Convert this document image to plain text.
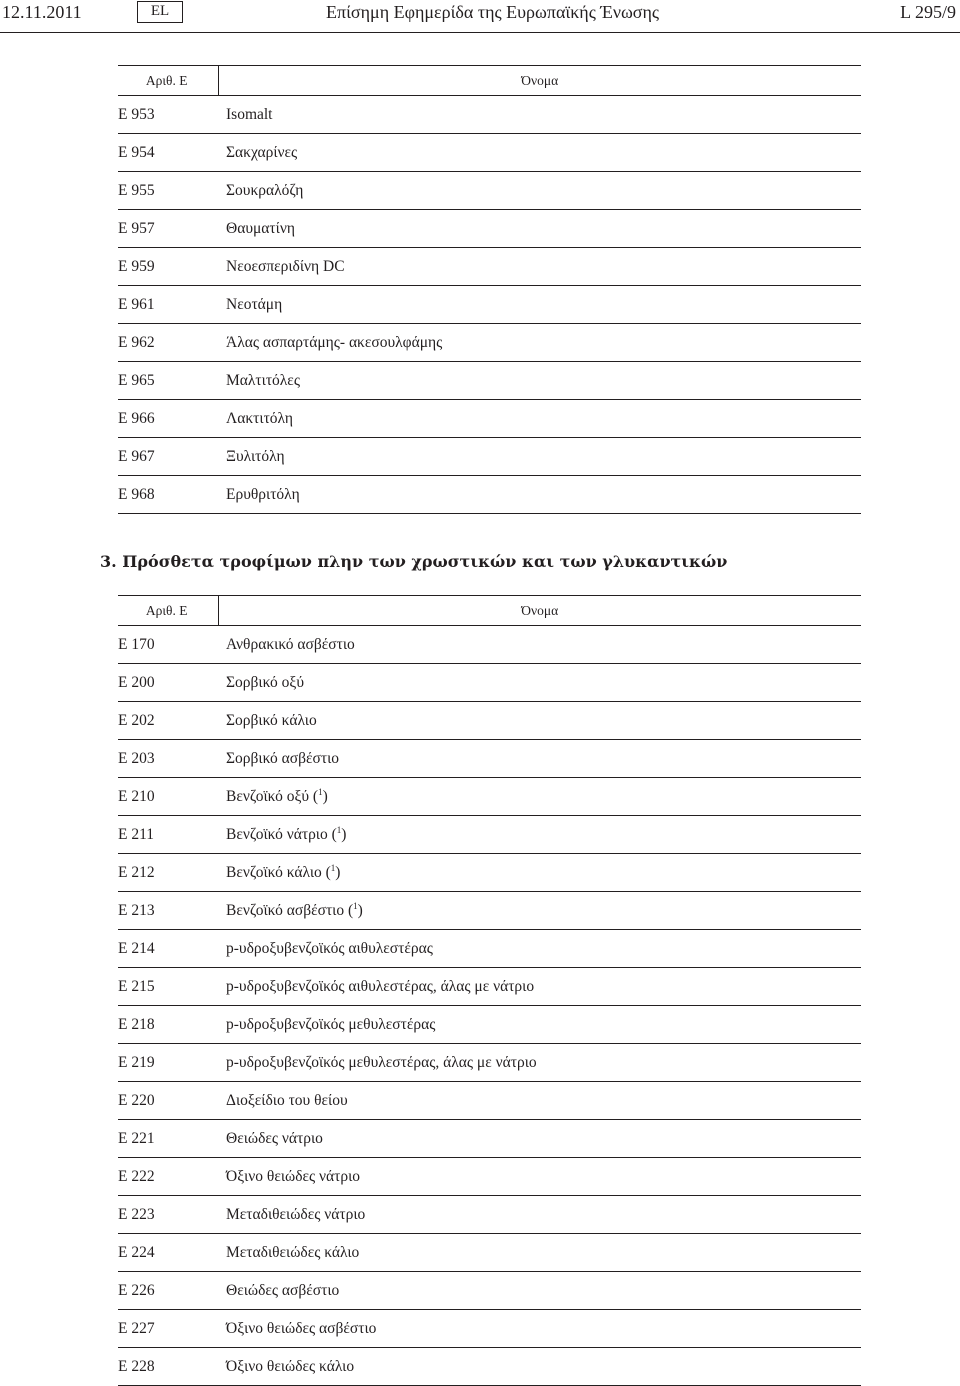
12.11.2011	EL	Επίσημη Εφημερίδα της Ευρωπαϊκής Ένωσης	L 295/9
Αριθ. Ε	Όνομα
E 953	Isomalt
E 954	Σακχαρίνες
E 955	Σουκραλόζη
E 957	Θαυματίνη
E 959	Νεοεσπεριδίνη DC
E 961	Νεοτάμη
E 962	Άλας ασπαρτάμης- ακεσουλφάμης
E 965	Μαλτιτόλες
E 966	Λακτιτόλη
E 967	Ξυλιτόλη
E 968	Ερυθριτόλη
3. Πρόσθετα τροφίμων πλην των χρωστικών και των γλυκαντικών
Αριθ. Ε	Όνομα
E 170	Ανθρακικό ασβέστιο
E 200	Σορβικό οξύ
E 202	Σορβικό κάλιο
E 203	Σορβικό ασβέστιο
E 210	Βενζοϊκό οξύ ($^1$)
E 211	Βενζοϊκό νάτριο ($^1$)
E 212	Βενζοϊκό κάλιο ($^1$)
E 213	Βενζοϊκό ασβέστιο ($^1$)
E 214	p-υδροξυβενζοϊκός αιθυλεστέρας
E 215	p-υδροξυβενζοϊκός αιθυλεστέρας, άλας με νάτριο
E 218	p-υδροξυβενζοϊκός μεθυλεστέρας
E 219	p-υδροξυβενζοϊκός μεθυλεστέρας, άλας με νάτριο
E 220	Διοξείδιο του θείου
E 221	Θειώδες νάτριο
E 222	Όξινο θειώδες νάτριο
E 223	Μεταδιθειώδες νάτριο
E 224	Μεταδιθειώδες κάλιο
E 226	Θειώδες ασβέστιο
E 227	Όξινο θειώδες ασβέστιο
E 228	Όξινο θειώδες κάλιο
